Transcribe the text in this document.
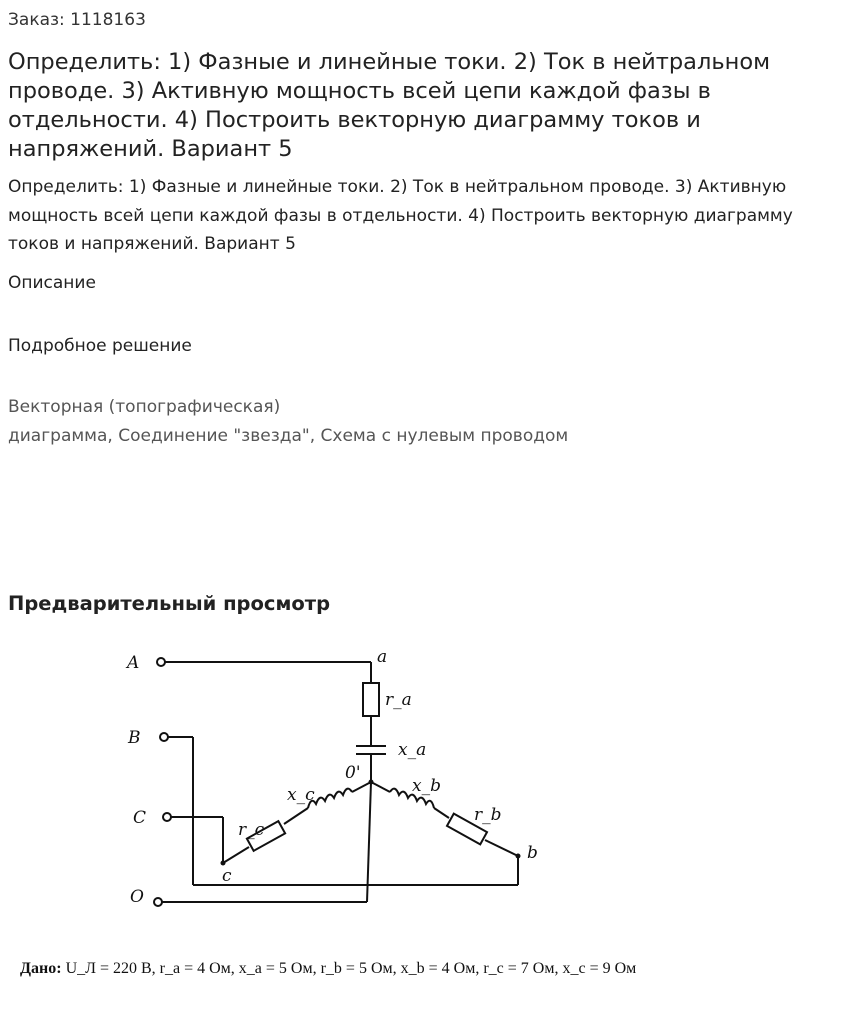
Заказ: 1118163
Определить: 1) Фазные и линейные токи. 2) Ток в нейтральном проводе. 3) Активную мощность всей цепи каждой фазы в отдельности. 4) Построить векторную диаграмму токов и напряжений. Вариант 5
Определить: 1) Фазные и линейные токи. 2) Ток в нейтральном проводе. 3) Активную мощность всей цепи каждой фазы в отдельности. 4) Построить векторную диаграмму токов и напряжений. Вариант 5
Описание
Подробное решение
Векторная (топографическая)
диаграмма, Соединение "звезда", Схема с нулевым проводом
Предварительный просмотр
A
B
C
O
a
b
c
0'
r_a
x_a
x_b
r_b
x_c
r_c
Дано: U_Л = 220 В, r_a = 4 Ом, x_a = 5 Ом, r_b = 5 Ом, x_b = 4 Ом, r_c = 7 Ом, x_c = 9 Ом
